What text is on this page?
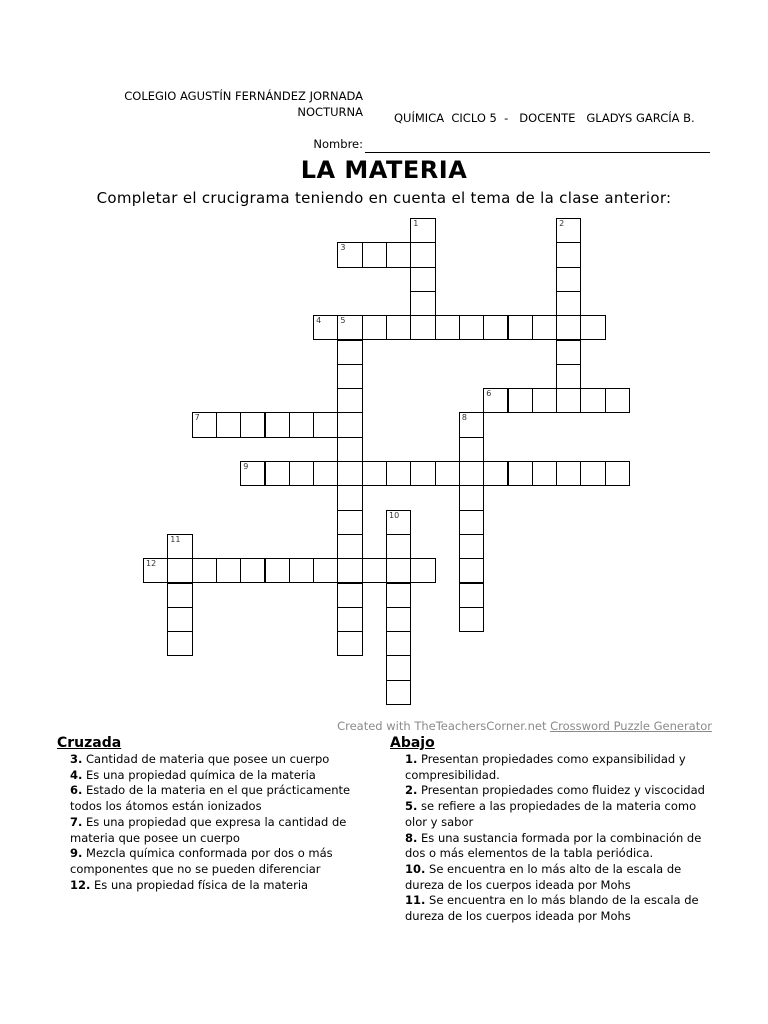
COLEGIO AGUSTÍN FERNÁNDEZ JORNADA
NOCTURNA	QUÍMICA  CICLO 5  -   DOCENTE   GLADYS GARCÍA B.
Nombre:
LA MATERIA
Completar el crucigrama teniendo en cuenta el tema de la clase anterior:
1	2
3
4 5
6
7	8
9
10
11
12
Created with TheTeachersCorner.net Crossword Puzzle Generator
Cruzada

3. Cantidad de materia que posee un cuerpo

4. Es una propiedad química de la materia

6. Estado de la materia en el que prácticamente todos los átomos están ionizados

7. Es una propiedad que expresa la cantidad de materia que posee un cuerpo

9. Mezcla química conformada por dos o más componentes que no se pueden diferenciar

12. Es una propiedad física de la materia

Abajo

1. Presentan propiedades como expansibilidad y compresibilidad.

2. Presentan propiedades como fluidez y viscocidad

5. se refiere a las propiedades de la materia como olor y sabor

8. Es una sustancia formada por la combinación de dos o más elementos de la tabla periódica.

10. Se encuentra en lo más alto de la escala de dureza de los cuerpos ideada por Mohs

11. Se encuentra en lo más blando de la escala de dureza de los cuerpos ideada por Mohs
